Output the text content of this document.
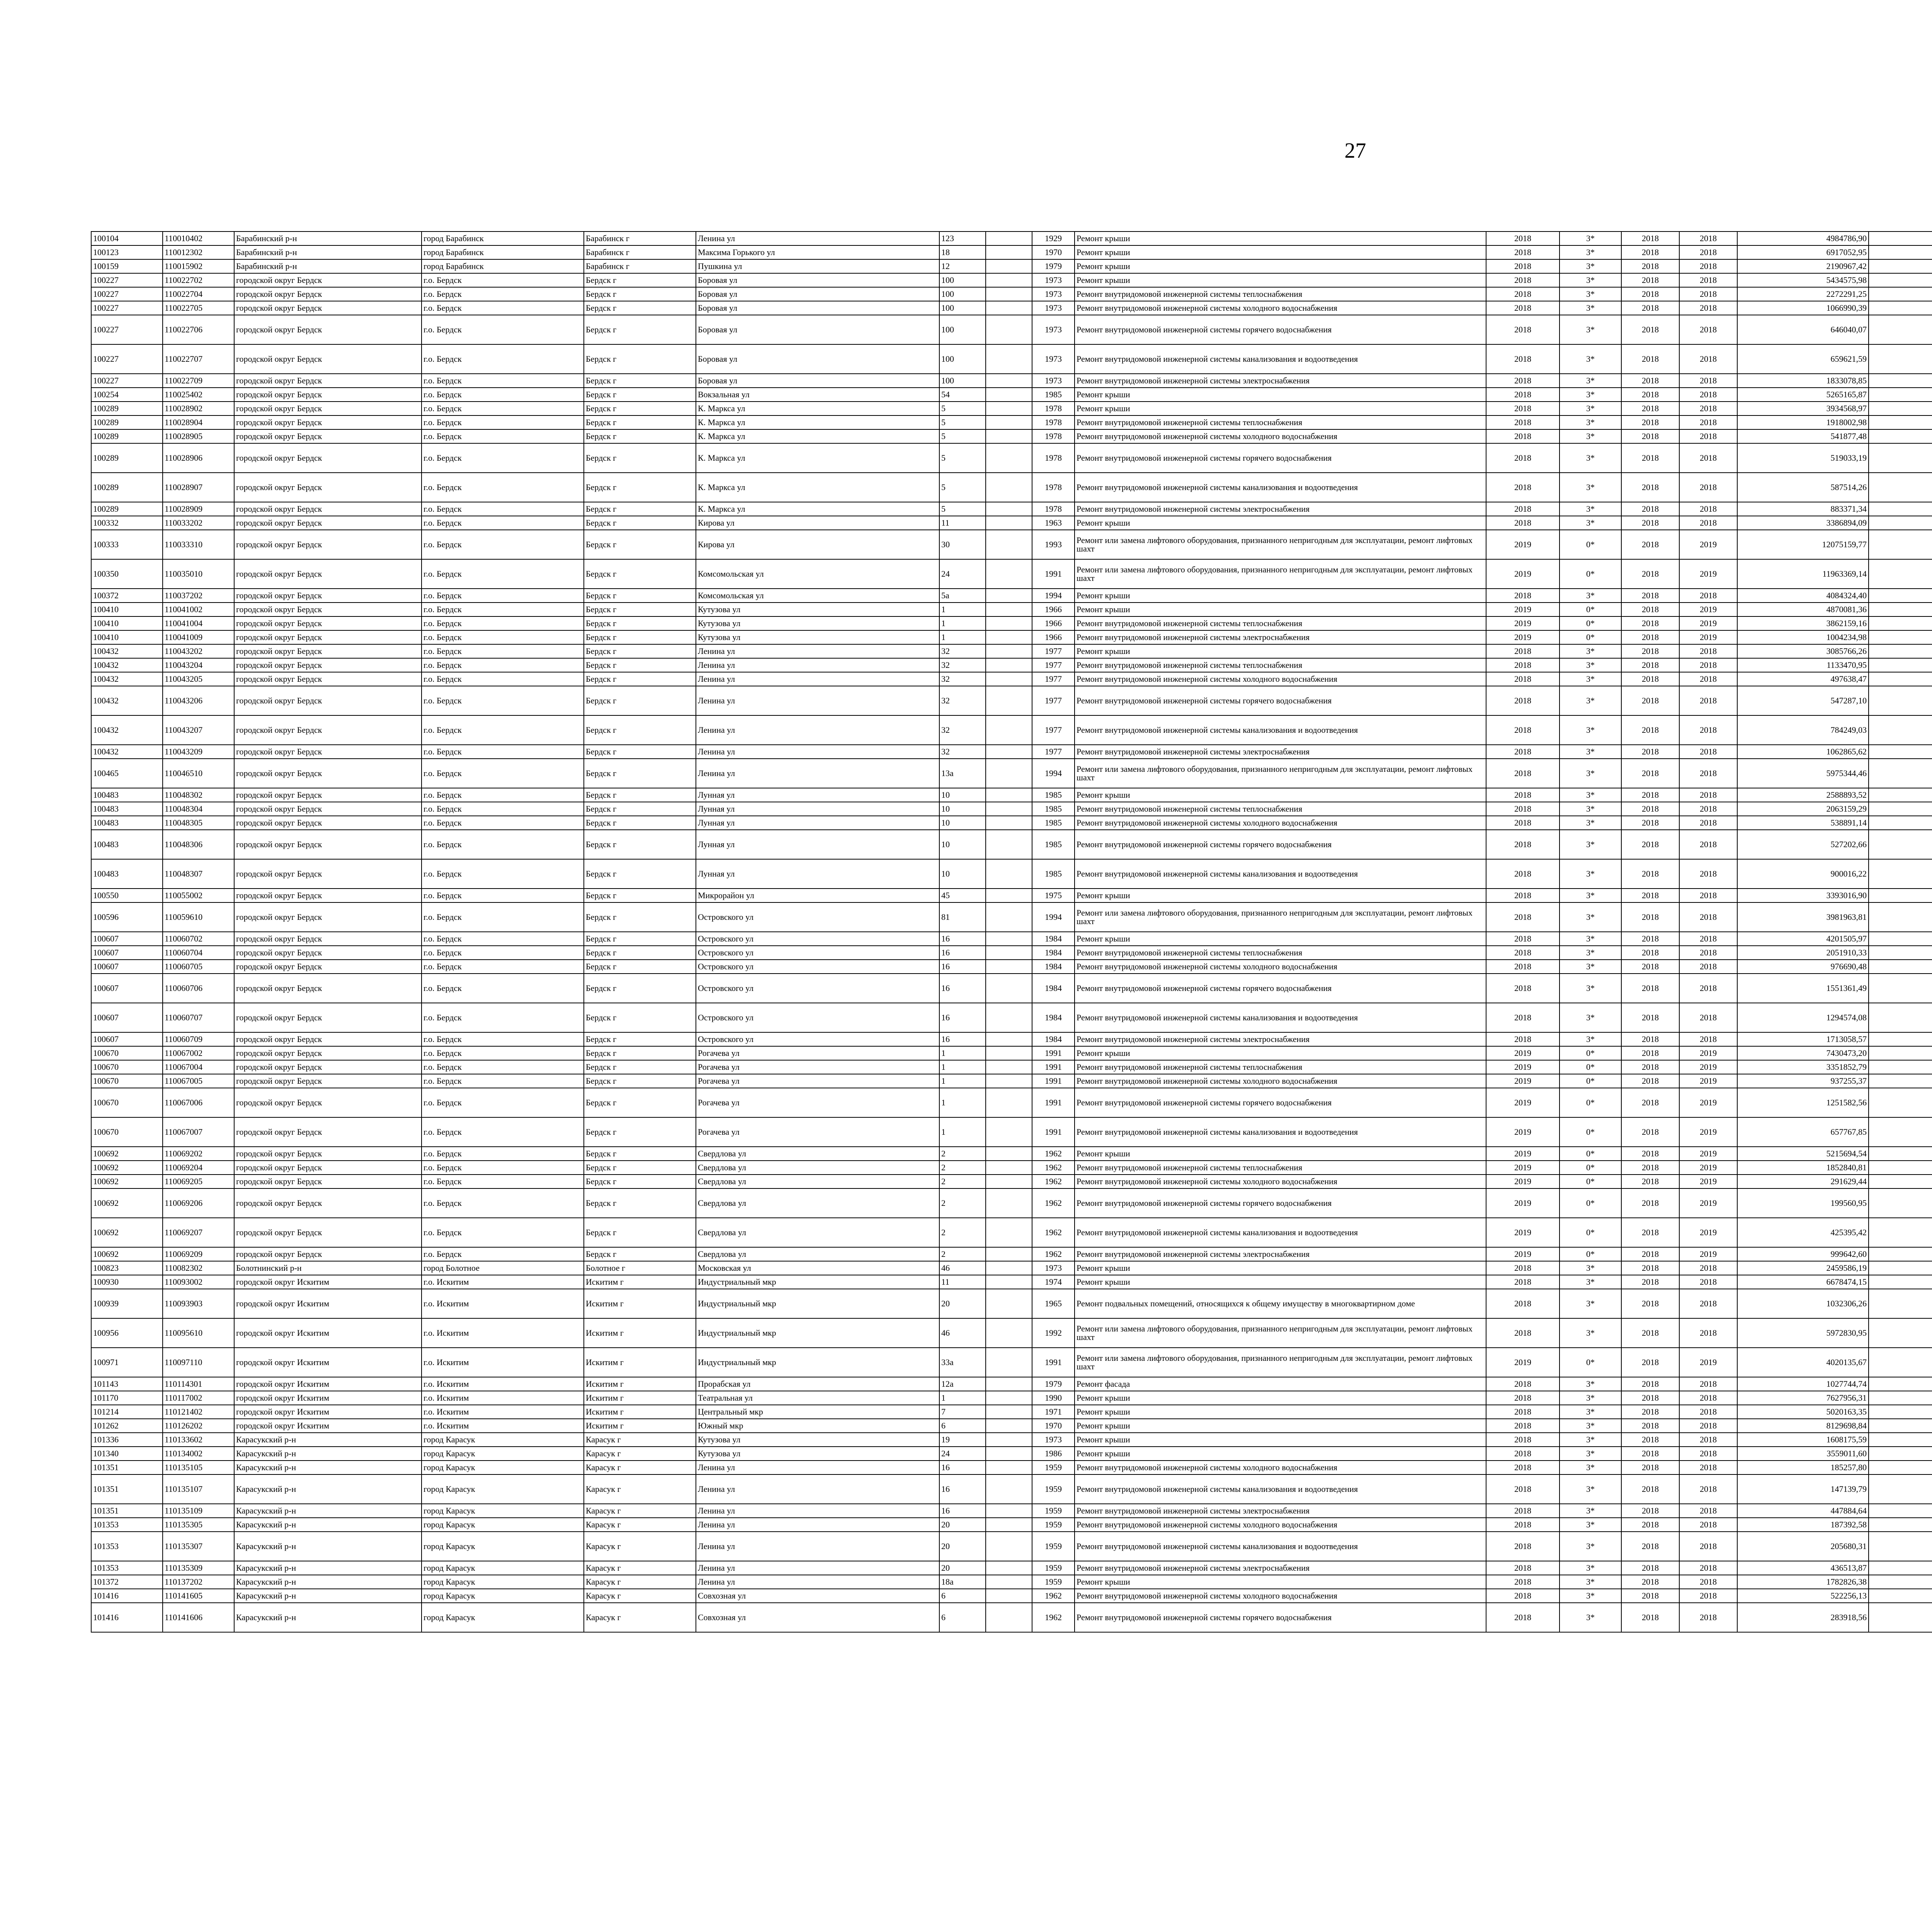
27
100104	110010402	Барабинский р-н	город Барабинск	Барабинск г	Ленина ул	123		1929	Ремонт крыши	2018	3*	2018	2018	4984786,90							
100123	110012302	Барабинский р-н	город Барабинск	Барабинск г	Максима Горького ул	18		1970	Ремонт крыши	2018	3*	2018	2018	6917052,95							
100159	110015902	Барабинский р-н	город Барабинск	Барабинск г	Пушкина ул	12		1979	Ремонт крыши	2018	3*	2018	2018	2190967,42							
100227	110022702	городской округ Бердск	г.о. Бердск	Бердск г	Боровая ул	100		1973	Ремонт крыши	2018	3*	2018	2018	5434575,98							
100227	110022704	городской округ Бердск	г.о. Бердск	Бердск г	Боровая ул	100		1973	Ремонт внутридомовой инженерной системы теплоснабжения	2018	3*	2018	2018	2272291,25							
100227	110022705	городской округ Бердск	г.о. Бердск	Бердск г	Боровая ул	100		1973	Ремонт внутридомовой инженерной системы холодного водоснабжения	2018	3*	2018	2018	1066990,39							
100227	110022706	городской округ Бердск	г.о. Бердск	Бердск г	Боровая ул	100		1973	Ремонт внутридомовой инженерной системы горячего водоснабжения	2018	3*	2018	2018	646040,07							
100227	110022707	городской округ Бердск	г.о. Бердск	Бердск г	Боровая ул	100		1973	Ремонт внутридомовой инженерной системы канализования и водоотведения	2018	3*	2018	2018	659621,59							
100227	110022709	городской округ Бердск	г.о. Бердск	Бердск г	Боровая ул	100		1973	Ремонт внутридомовой инженерной системы электроснабжения	2018	3*	2018	2018	1833078,85							
100254	110025402	городской округ Бердск	г.о. Бердск	Бердск г	Вокзальная ул	54		1985	Ремонт крыши	2018	3*	2018	2018	5265165,87							
100289	110028902	городской округ Бердск	г.о. Бердск	Бердск г	К. Маркса ул	5		1978	Ремонт крыши	2018	3*	2018	2018	3934568,97							
100289	110028904	городской округ Бердск	г.о. Бердск	Бердск г	К. Маркса ул	5		1978	Ремонт внутридомовой инженерной системы теплоснабжения	2018	3*	2018	2018	1918002,98							
100289	110028905	городской округ Бердск	г.о. Бердск	Бердск г	К. Маркса ул	5		1978	Ремонт внутридомовой инженерной системы холодного водоснабжения	2018	3*	2018	2018	541877,48							
100289	110028906	городской округ Бердск	г.о. Бердск	Бердск г	К. Маркса ул	5		1978	Ремонт внутридомовой инженерной системы горячего водоснабжения	2018	3*	2018	2018	519033,19							
100289	110028907	городской округ Бердск	г.о. Бердск	Бердск г	К. Маркса ул	5		1978	Ремонт внутридомовой инженерной системы канализования и водоотведения	2018	3*	2018	2018	587514,26							
100289	110028909	городской округ Бердск	г.о. Бердск	Бердск г	К. Маркса ул	5		1978	Ремонт внутридомовой инженерной системы электроснабжения	2018	3*	2018	2018	883371,34							
100332	110033202	городской округ Бердск	г.о. Бердск	Бердск г	Кирова ул	11		1963	Ремонт крыши	2018	3*	2018	2018	3386894,09							
100333	110033310	городской округ Бердск	г.о. Бердск	Бердск г	Кирова ул	30		1993	Ремонт или замена лифтового оборудования, признанного непригодным для эксплуатации, ремонт лифтовых шахт	2019	0*	2018	2019	12075159,77							
100350	110035010	городской округ Бердск	г.о. Бердск	Бердск г	Комсомольская ул	24		1991	Ремонт или замена лифтового оборудования, признанного непригодным для эксплуатации, ремонт лифтовых шахт	2019	0*	2018	2019	11963369,14							
100372	110037202	городской округ Бердск	г.о. Бердск	Бердск г	Комсомольская ул	5а		1994	Ремонт крыши	2018	3*	2018	2018	4084324,40							
100410	110041002	городской округ Бердск	г.о. Бердск	Бердск г	Кутузова ул	1		1966	Ремонт крыши	2019	0*	2018	2019	4870081,36							
100410	110041004	городской округ Бердск	г.о. Бердск	Бердск г	Кутузова ул	1		1966	Ремонт внутридомовой инженерной системы теплоснабжения	2019	0*	2018	2019	3862159,16							
100410	110041009	городской округ Бердск	г.о. Бердск	Бердск г	Кутузова ул	1		1966	Ремонт внутридомовой инженерной системы электроснабжения	2019	0*	2018	2019	1004234,98							
100432	110043202	городской округ Бердск	г.о. Бердск	Бердск г	Ленина ул	32		1977	Ремонт крыши	2018	3*	2018	2018	3085766,26							
100432	110043204	городской округ Бердск	г.о. Бердск	Бердск г	Ленина ул	32		1977	Ремонт внутридомовой инженерной системы теплоснабжения	2018	3*	2018	2018	1133470,95							
100432	110043205	городской округ Бердск	г.о. Бердск	Бердск г	Ленина ул	32		1977	Ремонт внутридомовой инженерной системы холодного водоснабжения	2018	3*	2018	2018	497638,47							
100432	110043206	городской округ Бердск	г.о. Бердск	Бердск г	Ленина ул	32		1977	Ремонт внутридомовой инженерной системы горячего водоснабжения	2018	3*	2018	2018	547287,10							
100432	110043207	городской округ Бердск	г.о. Бердск	Бердск г	Ленина ул	32		1977	Ремонт внутридомовой инженерной системы канализования и водоотведения	2018	3*	2018	2018	784249,03							
100432	110043209	городской округ Бердск	г.о. Бердск	Бердск г	Ленина ул	32		1977	Ремонт внутридомовой инженерной системы электроснабжения	2018	3*	2018	2018	1062865,62							
100465	110046510	городской округ Бердск	г.о. Бердск	Бердск г	Ленина ул	13а		1994	Ремонт или замена лифтового оборудования, признанного непригодным для эксплуатации, ремонт лифтовых шахт	2018	3*	2018	2018	5975344,46							
100483	110048302	городской округ Бердск	г.о. Бердск	Бердск г	Лунная ул	10		1985	Ремонт крыши	2018	3*	2018	2018	2588893,52							
100483	110048304	городской округ Бердск	г.о. Бердск	Бердск г	Лунная ул	10		1985	Ремонт внутридомовой инженерной системы теплоснабжения	2018	3*	2018	2018	2063159,29							
100483	110048305	городской округ Бердск	г.о. Бердск	Бердск г	Лунная ул	10		1985	Ремонт внутридомовой инженерной системы холодного водоснабжения	2018	3*	2018	2018	538891,14							
100483	110048306	городской округ Бердск	г.о. Бердск	Бердск г	Лунная ул	10		1985	Ремонт внутридомовой инженерной системы горячего водоснабжения	2018	3*	2018	2018	527202,66							
100483	110048307	городской округ Бердск	г.о. Бердск	Бердск г	Лунная ул	10		1985	Ремонт внутридомовой инженерной системы канализования и водоотведения	2018	3*	2018	2018	900016,22							
100550	110055002	городской округ Бердск	г.о. Бердск	Бердск г	Микрорайон ул	45		1975	Ремонт крыши	2018	3*	2018	2018	3393016,90							
100596	110059610	городской округ Бердск	г.о. Бердск	Бердск г	Островского ул	81		1994	Ремонт или замена лифтового оборудования, признанного непригодным для эксплуатации, ремонт лифтовых шахт	2018	3*	2018	2018	3981963,81							
100607	110060702	городской округ Бердск	г.о. Бердск	Бердск г	Островского ул	16		1984	Ремонт крыши	2018	3*	2018	2018	4201505,97							
100607	110060704	городской округ Бердск	г.о. Бердск	Бердск г	Островского ул	16		1984	Ремонт внутридомовой инженерной системы теплоснабжения	2018	3*	2018	2018	2051910,33							
100607	110060705	городской округ Бердск	г.о. Бердск	Бердск г	Островского ул	16		1984	Ремонт внутридомовой инженерной системы холодного водоснабжения	2018	3*	2018	2018	976690,48							
100607	110060706	городской округ Бердск	г.о. Бердск	Бердск г	Островского ул	16		1984	Ремонт внутридомовой инженерной системы горячего водоснабжения	2018	3*	2018	2018	1551361,49							
100607	110060707	городской округ Бердск	г.о. Бердск	Бердск г	Островского ул	16		1984	Ремонт внутридомовой инженерной системы канализования и водоотведения	2018	3*	2018	2018	1294574,08							
100607	110060709	городской округ Бердск	г.о. Бердск	Бердск г	Островского ул	16		1984	Ремонт внутридомовой инженерной системы электроснабжения	2018	3*	2018	2018	1713058,57							
100670	110067002	городской округ Бердск	г.о. Бердск	Бердск г	Рогачева ул	1		1991	Ремонт крыши	2019	0*	2018	2019	7430473,20							
100670	110067004	городской округ Бердск	г.о. Бердск	Бердск г	Рогачева ул	1		1991	Ремонт внутридомовой инженерной системы теплоснабжения	2019	0*	2018	2019	3351852,79							
100670	110067005	городской округ Бердск	г.о. Бердск	Бердск г	Рогачева ул	1		1991	Ремонт внутридомовой инженерной системы холодного водоснабжения	2019	0*	2018	2019	937255,37							
100670	110067006	городской округ Бердск	г.о. Бердск	Бердск г	Рогачева ул	1		1991	Ремонт внутридомовой инженерной системы горячего водоснабжения	2019	0*	2018	2019	1251582,56							
100670	110067007	городской округ Бердск	г.о. Бердск	Бердск г	Рогачева ул	1		1991	Ремонт внутридомовой инженерной системы канализования и водоотведения	2019	0*	2018	2019	657767,85							
100692	110069202	городской округ Бердск	г.о. Бердск	Бердск г	Свердлова ул	2		1962	Ремонт крыши	2019	0*	2018	2019	5215694,54							
100692	110069204	городской округ Бердск	г.о. Бердск	Бердск г	Свердлова ул	2		1962	Ремонт внутридомовой инженерной системы теплоснабжения	2019	0*	2018	2019	1852840,81							
100692	110069205	городской округ Бердск	г.о. Бердск	Бердск г	Свердлова ул	2		1962	Ремонт внутридомовой инженерной системы холодного водоснабжения	2019	0*	2018	2019	291629,44							
100692	110069206	городской округ Бердск	г.о. Бердск	Бердск г	Свердлова ул	2		1962	Ремонт внутридомовой инженерной системы горячего водоснабжения	2019	0*	2018	2019	199560,95							
100692	110069207	городской округ Бердск	г.о. Бердск	Бердск г	Свердлова ул	2		1962	Ремонт внутридомовой инженерной системы канализования и водоотведения	2019	0*	2018	2019	425395,42							
100692	110069209	городской округ Бердск	г.о. Бердск	Бердск г	Свердлова ул	2		1962	Ремонт внутридомовой инженерной системы электроснабжения	2019	0*	2018	2019	999642,60							
100823	110082302	Болотнинский р-н	город Болотное	Болотное г	Московская ул	46		1973	Ремонт крыши	2018	3*	2018	2018	2459586,19							
100930	110093002	городской округ Искитим	г.о. Искитим	Искитим г	Индустриальный мкр	11		1974	Ремонт крыши	2018	3*	2018	2018	6678474,15							
100939	110093903	городской округ Искитим	г.о. Искитим	Искитим г	Индустриальный мкр	20		1965	Ремонт подвальных помещений, относящихся к общему имуществу в многоквартирном доме	2018	3*	2018	2018	1032306,26							
100956	110095610	городской округ Искитим	г.о. Искитим	Искитим г	Индустриальный мкр	46		1992	Ремонт или замена лифтового оборудования, признанного непригодным для эксплуатации, ремонт лифтовых шахт	2018	3*	2018	2018	5972830,95							
100971	110097110	городской округ Искитим	г.о. Искитим	Искитим г	Индустриальный мкр	33а		1991	Ремонт или замена лифтового оборудования, признанного непригодным для эксплуатации, ремонт лифтовых шахт	2019	0*	2018	2019	4020135,67							
101143	110114301	городской округ Искитим	г.о. Искитим	Искитим г	Прорабская ул	12а		1979	Ремонт фасада	2018	3*	2018	2018	1027744,74							
101170	110117002	городской округ Искитим	г.о. Искитим	Искитим г	Театральная ул	1		1990	Ремонт крыши	2018	3*	2018	2018	7627956,31							
101214	110121402	городской округ Искитим	г.о. Искитим	Искитим г	Центральный мкр	7		1971	Ремонт крыши	2018	3*	2018	2018	5020163,35							
101262	110126202	городской округ Искитим	г.о. Искитим	Искитим г	Южный мкр	6		1970	Ремонт крыши	2018	3*	2018	2018	8129698,84							
101336	110133602	Карасукский р-н	город Карасук	Карасук г	Кутузова ул	19		1973	Ремонт крыши	2018	3*	2018	2018	1608175,59							
101340	110134002	Карасукский р-н	город Карасук	Карасук г	Кутузова ул	24		1986	Ремонт крыши	2018	3*	2018	2018	3559011,60							
101351	110135105	Карасукский р-н	город Карасук	Карасук г	Ленина ул	16		1959	Ремонт внутридомовой инженерной системы холодного водоснабжения	2018	3*	2018	2018	185257,80							
101351	110135107	Карасукский р-н	город Карасук	Карасук г	Ленина ул	16		1959	Ремонт внутридомовой инженерной системы канализования и водоотведения	2018	3*	2018	2018	147139,79							
101351	110135109	Карасукский р-н	город Карасук	Карасук г	Ленина ул	16		1959	Ремонт внутридомовой инженерной системы электроснабжения	2018	3*	2018	2018	447884,64							
101353	110135305	Карасукский р-н	город Карасук	Карасук г	Ленина ул	20		1959	Ремонт внутридомовой инженерной системы холодного водоснабжения	2018	3*	2018	2018	187392,58							
101353	110135307	Карасукский р-н	город Карасук	Карасук г	Ленина ул	20		1959	Ремонт внутридомовой инженерной системы канализования и водоотведения	2018	3*	2018	2018	205680,31							
101353	110135309	Карасукский р-н	город Карасук	Карасук г	Ленина ул	20		1959	Ремонт внутридомовой инженерной системы электроснабжения	2018	3*	2018	2018	436513,87							
101372	110137202	Карасукский р-н	город Карасук	Карасук г	Ленина ул	18а		1959	Ремонт крыши	2018	3*	2018	2018	1782826,38							
101416	110141605	Карасукский р-н	город Карасук	Карасук г	Совхозная ул	6		1962	Ремонт внутридомовой инженерной системы холодного водоснабжения	2018	3*	2018	2018	522256,13							
101416	110141606	Карасукский р-н	город Карасук	Карасук г	Совхозная ул	6		1962	Ремонт внутридомовой инженерной системы горячего водоснабжения	2018	3*	2018	2018	283918,56							
